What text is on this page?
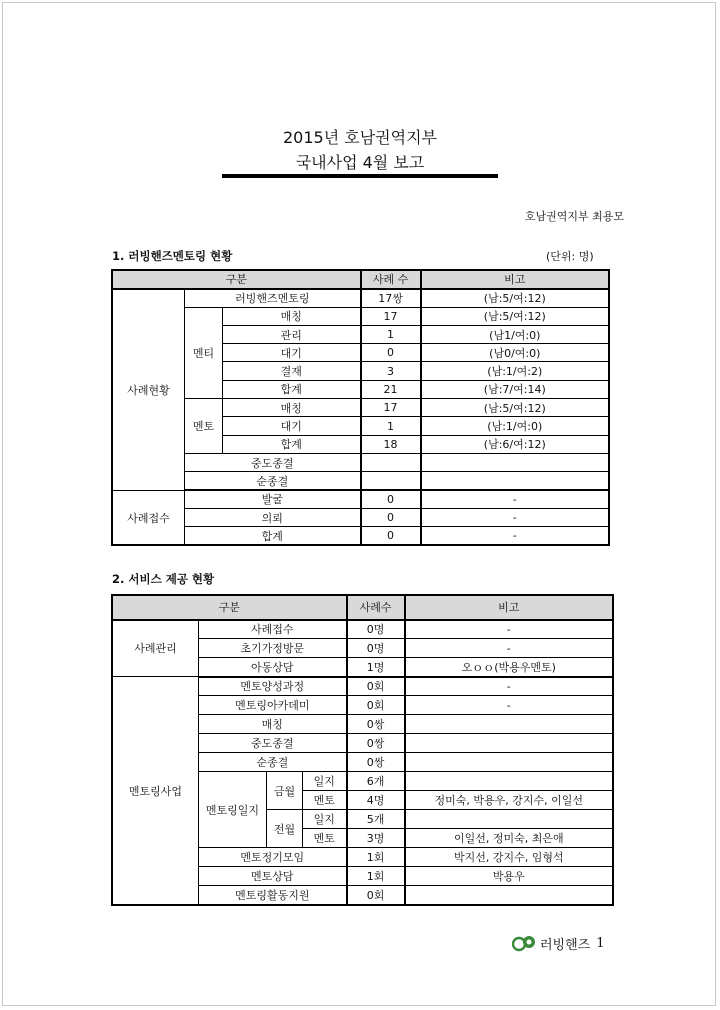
2015년 호남권역지부
국내사업 4월 보고
호남권역지부 최용모
1. 러빙핸즈멘토링 현황	(단위: 명)
구분			사례 수	비고
사례현황	러빙핸즈멘토링		17쌍	(남:5/여:12)
	멘티	매칭	17	(남:5/여:12)
		관리	1	(남1/여:0)
		대기	0	(남0/여:0)
		결재	3	(남:1/여:2)
		합계	21	(남:7/여:14)
	멘토	매칭	17	(남:5/여:12)
		대기	1	(남:1/여:0)
		합계	18	(남:6/여:12)
	중도종결			
	순종결			
사례접수	발굴		0	-
	의뢰		0	-
	합계		0	-
2. 서비스 제공 현황
구분				사례수	비고
사례관리	사례접수			0명	-
	초기가정방문			0명	-
	아동상담			1명	오ｏｏ(박용우멘토)
멘토링사업	멘토양성과정			0회	-
	멘토링아카데미			0회	-
	매칭			0쌍	
	중도종결			0쌍	
	순종결			0쌍	
	멘토링일지	금월	일지	6개	
			멘토	4명	정미숙, 박용우, 강지수, 이일선
		전월	일지	5개	
			멘토	3명	이일선, 정미숙, 최은애
	멘토정기모임			1회	박지선, 강지수, 임형석
	멘토상담			1회	박용우
	멘토링활동지원			0회	
러빙핸즈 1
